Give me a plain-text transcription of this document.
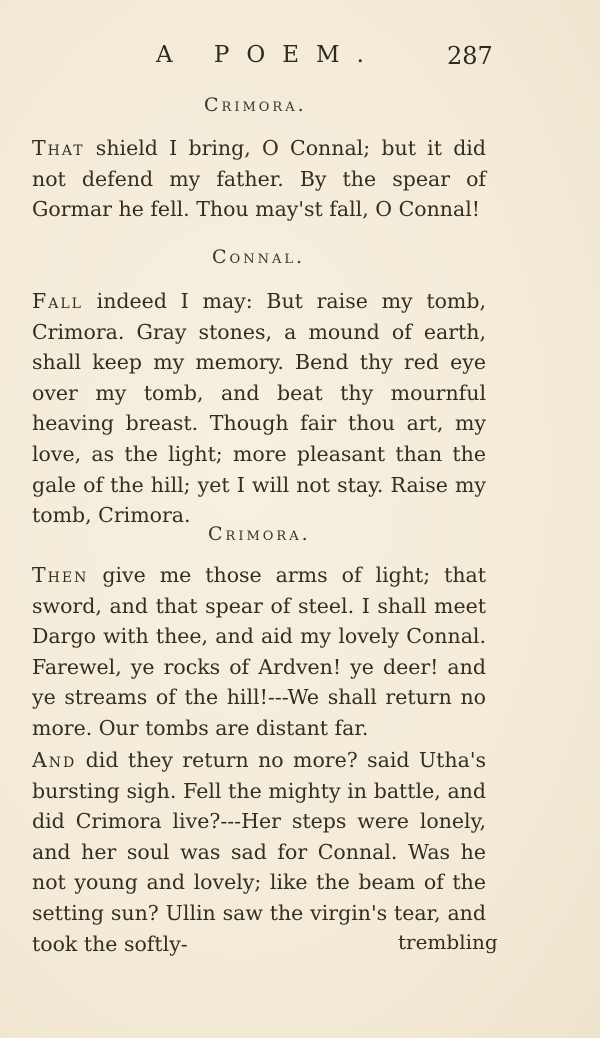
A POEM.	287
Crimora.

That shield I bring, O Connal; but it did not defend my father. By the spear of Gormar he fell. Thou may'st fall, O Connal!

Connal.

Fall indeed I may: But raise my tomb, Crimora. Gray stones, a mound of earth, shall keep my memory. Bend thy red eye over my tomb, and beat thy mournful heaving breast. Though fair thou art, my love, as the light; more pleasant than the gale of the hill; yet I will not stay. Raise my tomb, Crimora.

Crimora.

Then give me those arms of light; that sword, and that spear of steel. I shall meet Dargo with thee, and aid my lovely Connal. Farewel, ye rocks of Ardven! ye deer! and ye streams of the hill!---We shall return no more. Our tombs are distant far.

And did they return no more? said Utha's bursting sigh. Fell the mighty in battle, and did Crimora live?---Her steps were lonely, and her soul was sad for Connal. Was he not young and lovely; like the beam of the setting sun? Ullin saw the virgin's tear, and took the softly-	trembling
